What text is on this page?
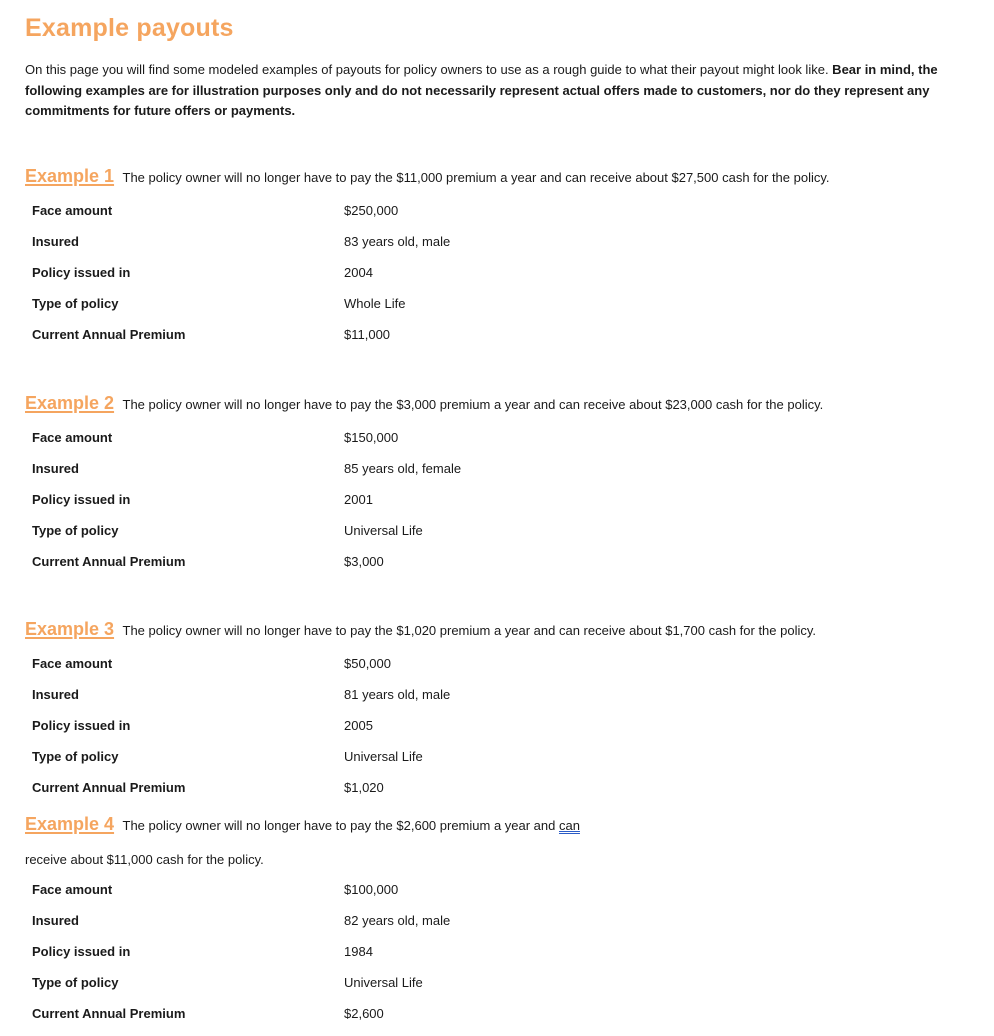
Example payouts

On this page you will find some modeled examples of payouts for policy owners to use as a rough guide to what their payout might look like. Bear in mind, the following examples are for illustration purposes only and do not necessarily represent actual offers made to customers, nor do they represent any commitments for future offers or payments.

Example 1 The policy owner will no longer have to pay the $11,000 premium a year and can receive about $27,500 cash for the policy.
Face amount	$250,000
Insured	83 years old, male
Policy issued in	2004
Type of policy	Whole Life
Current Annual Premium	$11,000
Example 2 The policy owner will no longer have to pay the $3,000 premium a year and can receive about $23,000 cash for the policy.
Face amount	$150,000
Insured	85 years old, female
Policy issued in	2001
Type of policy	Universal Life
Current Annual Premium	$3,000
Example 3 The policy owner will no longer have to pay the $1,020 premium a year and can receive about $1,700 cash for the policy.
Face amount	$50,000
Insured	81 years old, male
Policy issued in	2005
Type of policy	Universal Life
Current Annual Premium	$1,020
Example 4 The policy owner will no longer have to pay the $2,600 premium a year and can
receive about $11,000 cash for the policy.
Face amount	$100,000
Insured	82 years old, male
Policy issued in	1984
Type of policy	Universal Life
Current Annual Premium	$2,600
